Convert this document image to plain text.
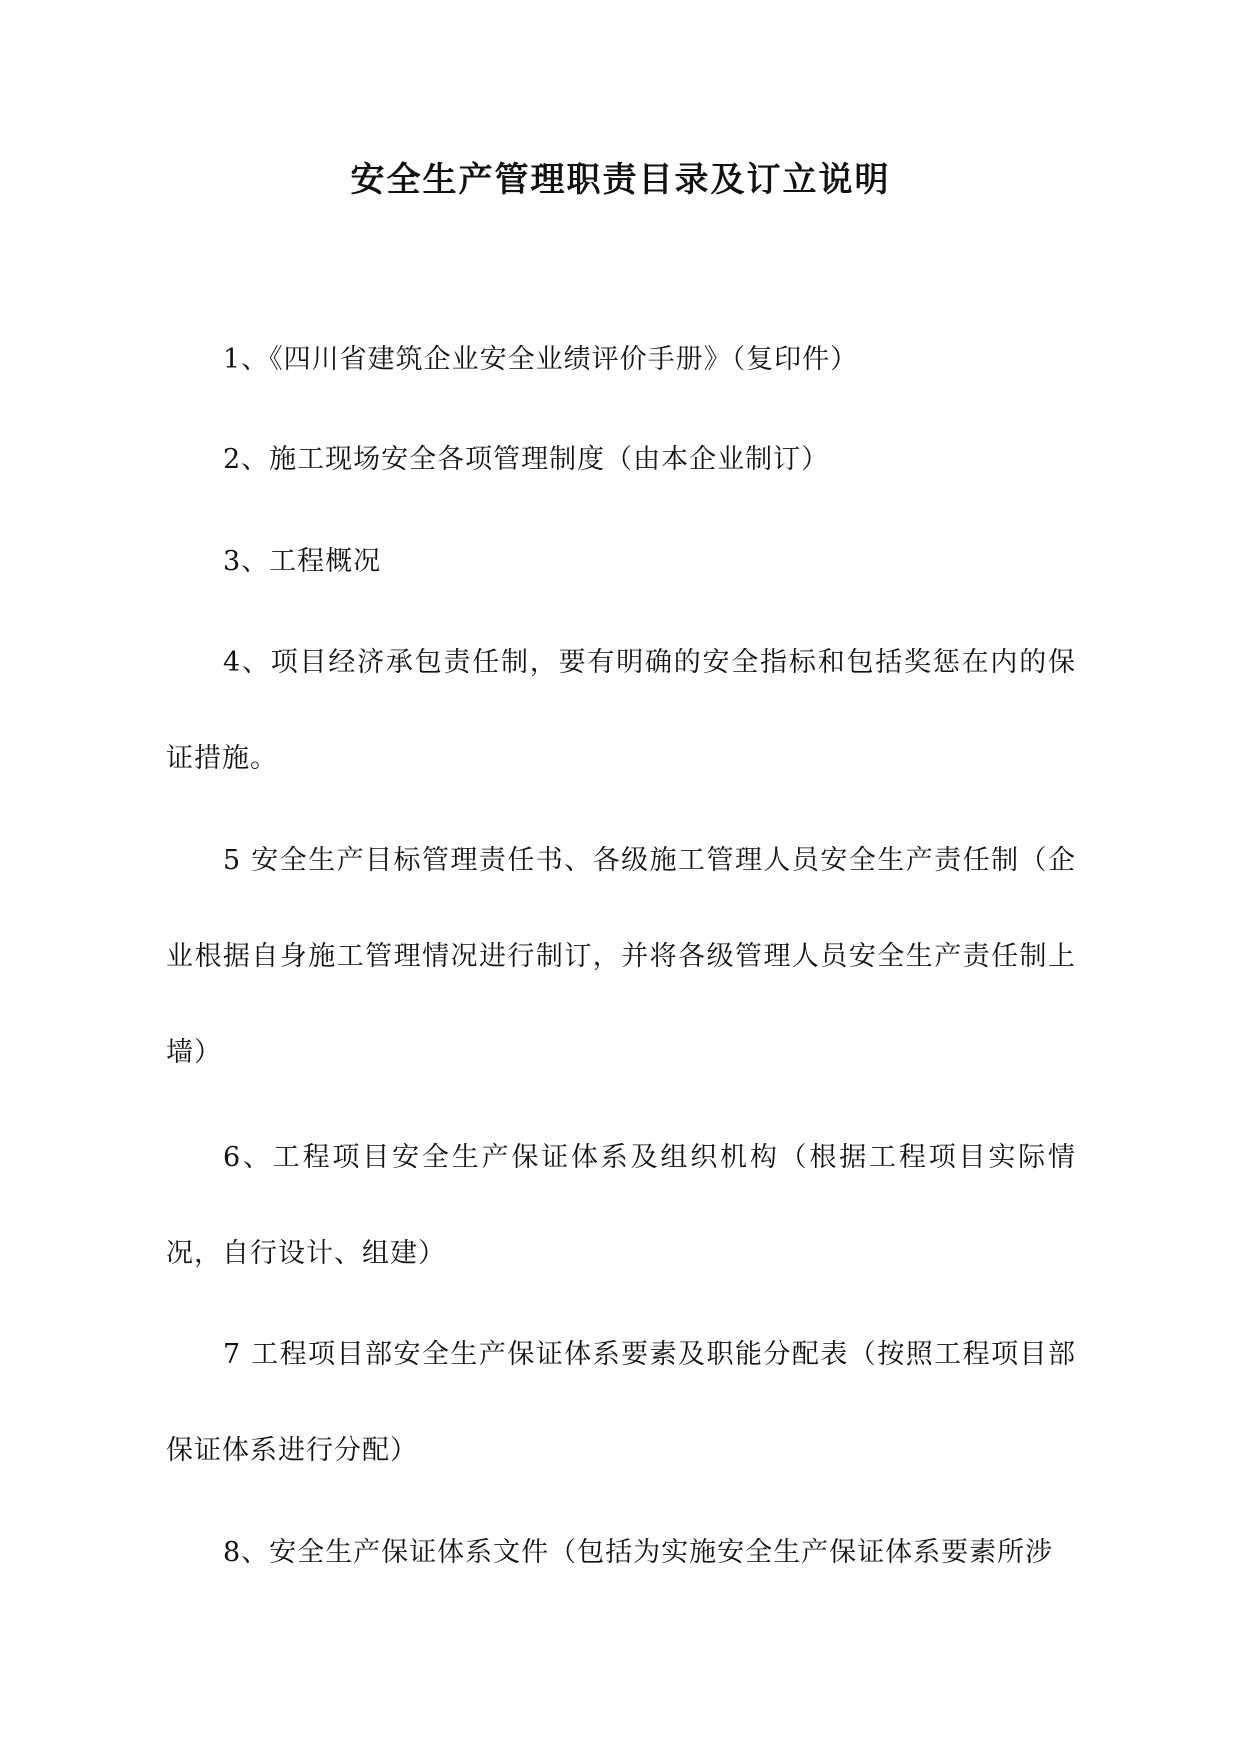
安全生产管理职责目录及订立说明

1、《四川省建筑企业安全业绩评价手册》（复印件）

2、施工现场安全各项管理制度（由本企业制订）

3、工程概况

4、项目经济承包责任制，要有明确的安全指标和包括奖惩在内的保证措施。

5 安全生产目标管理责任书、各级施工管理人员安全生产责任制（企业根据自身施工管理情况进行制订，并将各级管理人员安全生产责任制上墙）

6、工程项目安全生产保证体系及组织机构（根据工程项目实际情况，自行设计、组建）

7 工程项目部安全生产保证体系要素及职能分配表（按照工程项目部保证体系进行分配）

8、安全生产保证体系文件（包括为实施安全生产保证体系要素所涉
